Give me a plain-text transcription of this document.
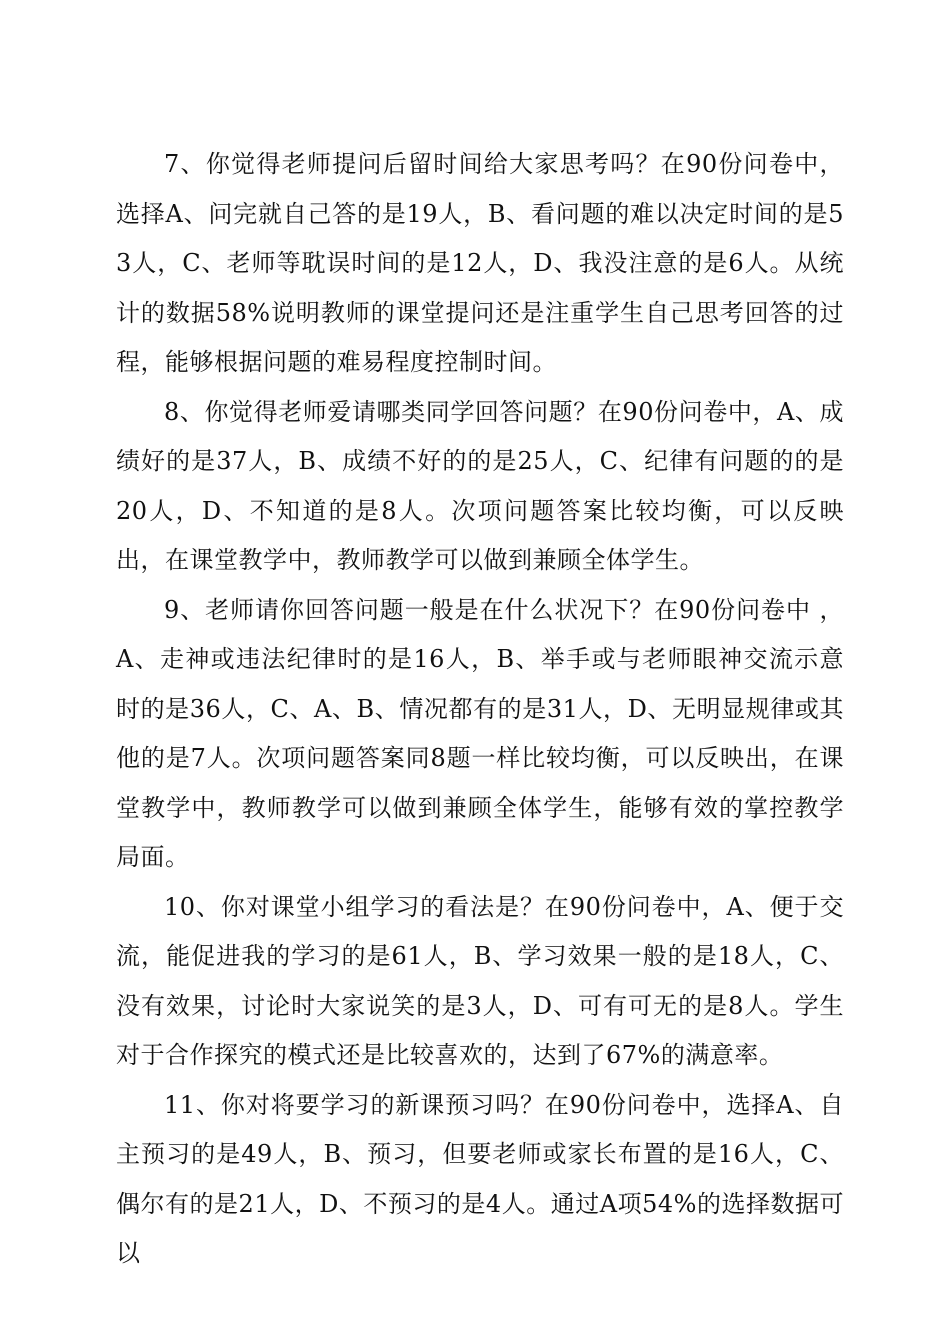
7、你觉得老师提问后留时间给大家思考吗？在90份问卷中，选择A、问完就自己答的是19人，B、看问题的难以决定时间的是53人，C、老师等耽误时间的是12人，D、我没注意的是6人。从统计的数据58%说明教师的课堂提问还是注重学生自己思考回答的过程，能够根据问题的难易程度控制时间。

8、你觉得老师爱请哪类同学回答问题？在90份问卷中，A、成绩好的是37人，B、成绩不好的的是25人，C、纪律有问题的的是20人，D、不知道的是8人。次项问题答案比较均衡，可以反映出，在课堂教学中，教师教学可以做到兼顾全体学生。

9、老师请你回答问题一般是在什么状况下？在90份问卷中 ，A、走神或违法纪律时的是16人，B、举手或与老师眼神交流示意时的是36人，C、A、B、情况都有的是31人，D、无明显规律或其他的是7人。次项问题答案同8题一样比较均衡，可以反映出，在课堂教学中，教师教学可以做到兼顾全体学生，能够有效的掌控教学局面。

10、你对课堂小组学习的看法是？在90份问卷中，A、便于交流，能促进我的学习的是61人，B、学习效果一般的是18人，C、没有效果，讨论时大家说笑的是3人，D、可有可无的是8人。学生对于合作探究的模式还是比较喜欢的，达到了67%的满意率。

11、你对将要学习的新课预习吗？在90份问卷中，选择A、自主预习的是49人，B、预习，但要老师或家长布置的是16人，C、偶尔有的是21人，D、不预习的是4人。通过A项54%的选择数据可以
